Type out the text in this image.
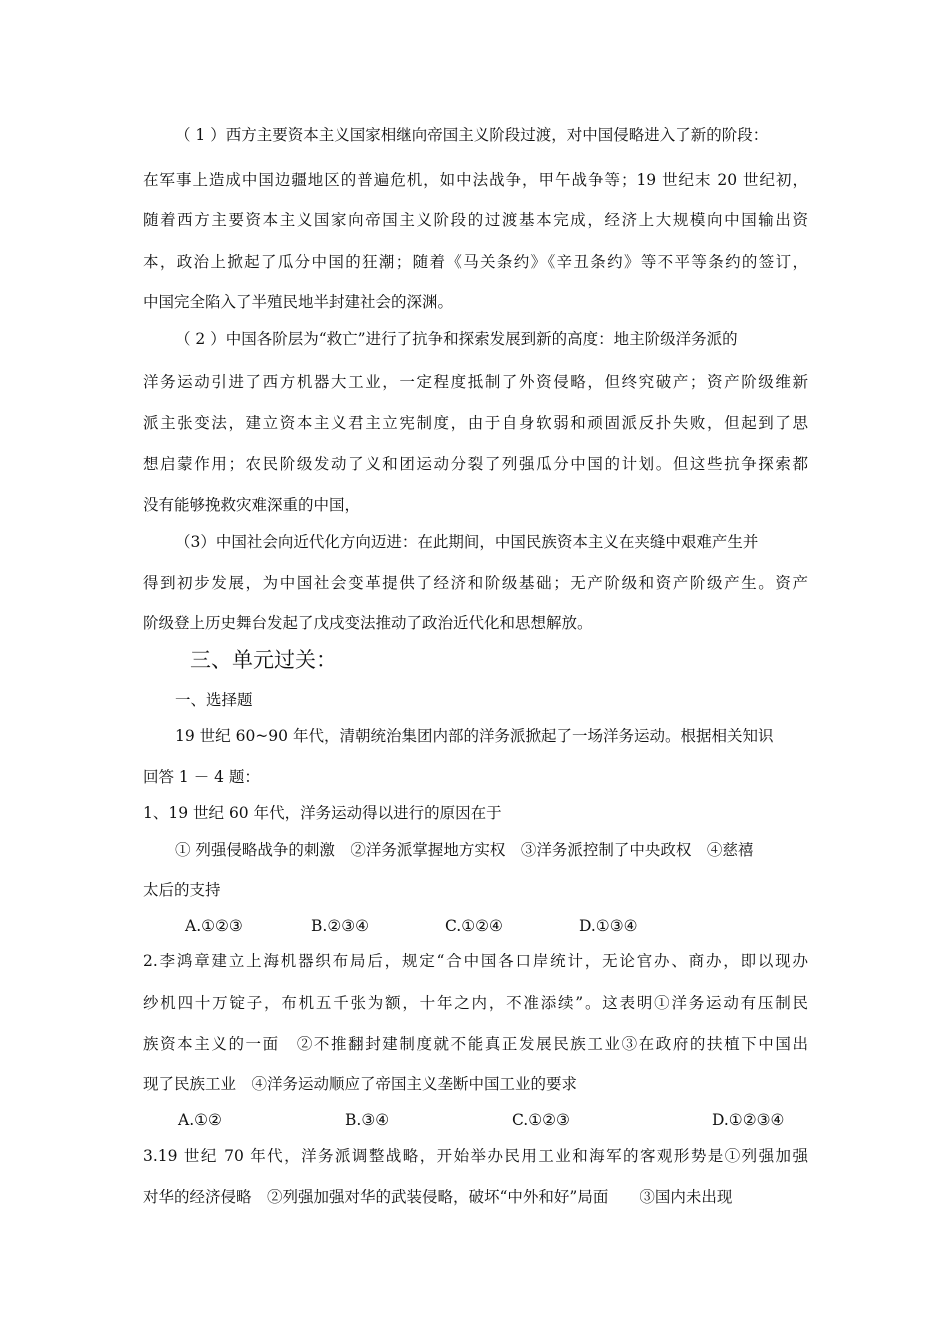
（ 1 ）西方主要资本主义国家相继向帝国主义阶段过渡，对中国侵略进入了新的阶段：
在军事上造成中国边疆地区的普遍危机，如中法战争，甲午战争等；19 世纪末 20 世纪初，
随着西方主要资本主义国家向帝国主义阶段的过渡基本完成，经济上大规模向中国输出资
本，政治上掀起了瓜分中国的狂潮；随着《马关条约》《辛丑条约》等不平等条约的签订，
中国完全陷入了半殖民地半封建社会的深渊。
（ 2 ）中国各阶层为“救亡”进行了抗争和探索发展到新的高度：地主阶级洋务派的
洋务运动引进了西方机器大工业，一定程度抵制了外资侵略，但终究破产；资产阶级维新
派主张变法，建立资本主义君主立宪制度，由于自身软弱和顽固派反扑失败，但起到了思
想启蒙作用；农民阶级发动了义和团运动分裂了列强瓜分中国的计划。但这些抗争探索都
没有能够挽救灾难深重的中国，
（3）中国社会向近代化方向迈进：在此期间，中国民族资本主义在夹缝中艰难产生并
得到初步发展，为中国社会变革提供了经济和阶级基础；无产阶级和资产阶级产生。资产
阶级登上历史舞台发起了戊戌变法推动了政治近代化和思想解放。
三、单元过关：
一、选择题
19 世纪 60~90 年代，清朝统治集团内部的洋务派掀起了一场洋务运动。根据相关知识
回答 1 － 4 题：
1、19 世纪 60 年代，洋务运动得以进行的原因在于
① 列强侵略战争的刺激　②洋务派掌握地方实权　③洋务派控制了中央政权　④慈禧
太后的支持
A.①②③	B.②③④	C.①②④	D.①③④
2.李鸿章建立上海机器织布局后，规定“合中国各口岸统计，无论官办、商办，即以现办
纱机四十万锭子，布机五千张为额，十年之内，不准添续”。这表明①洋务运动有压制民
族资本主义的一面　②不推翻封建制度就不能真正发展民族工业③在政府的扶植下中国出
现了民族工业　④洋务运动顺应了帝国主义垄断中国工业的要求
A.①②	B.③④	C.①②③	D.①②③④
3.19 世纪 70 年代，洋务派调整战略，开始举办民用工业和海军的客观形势是①列强加强
对华的经济侵略　②列强加强对华的武装侵略，破坏“中外和好”局面　　③国内未出现
